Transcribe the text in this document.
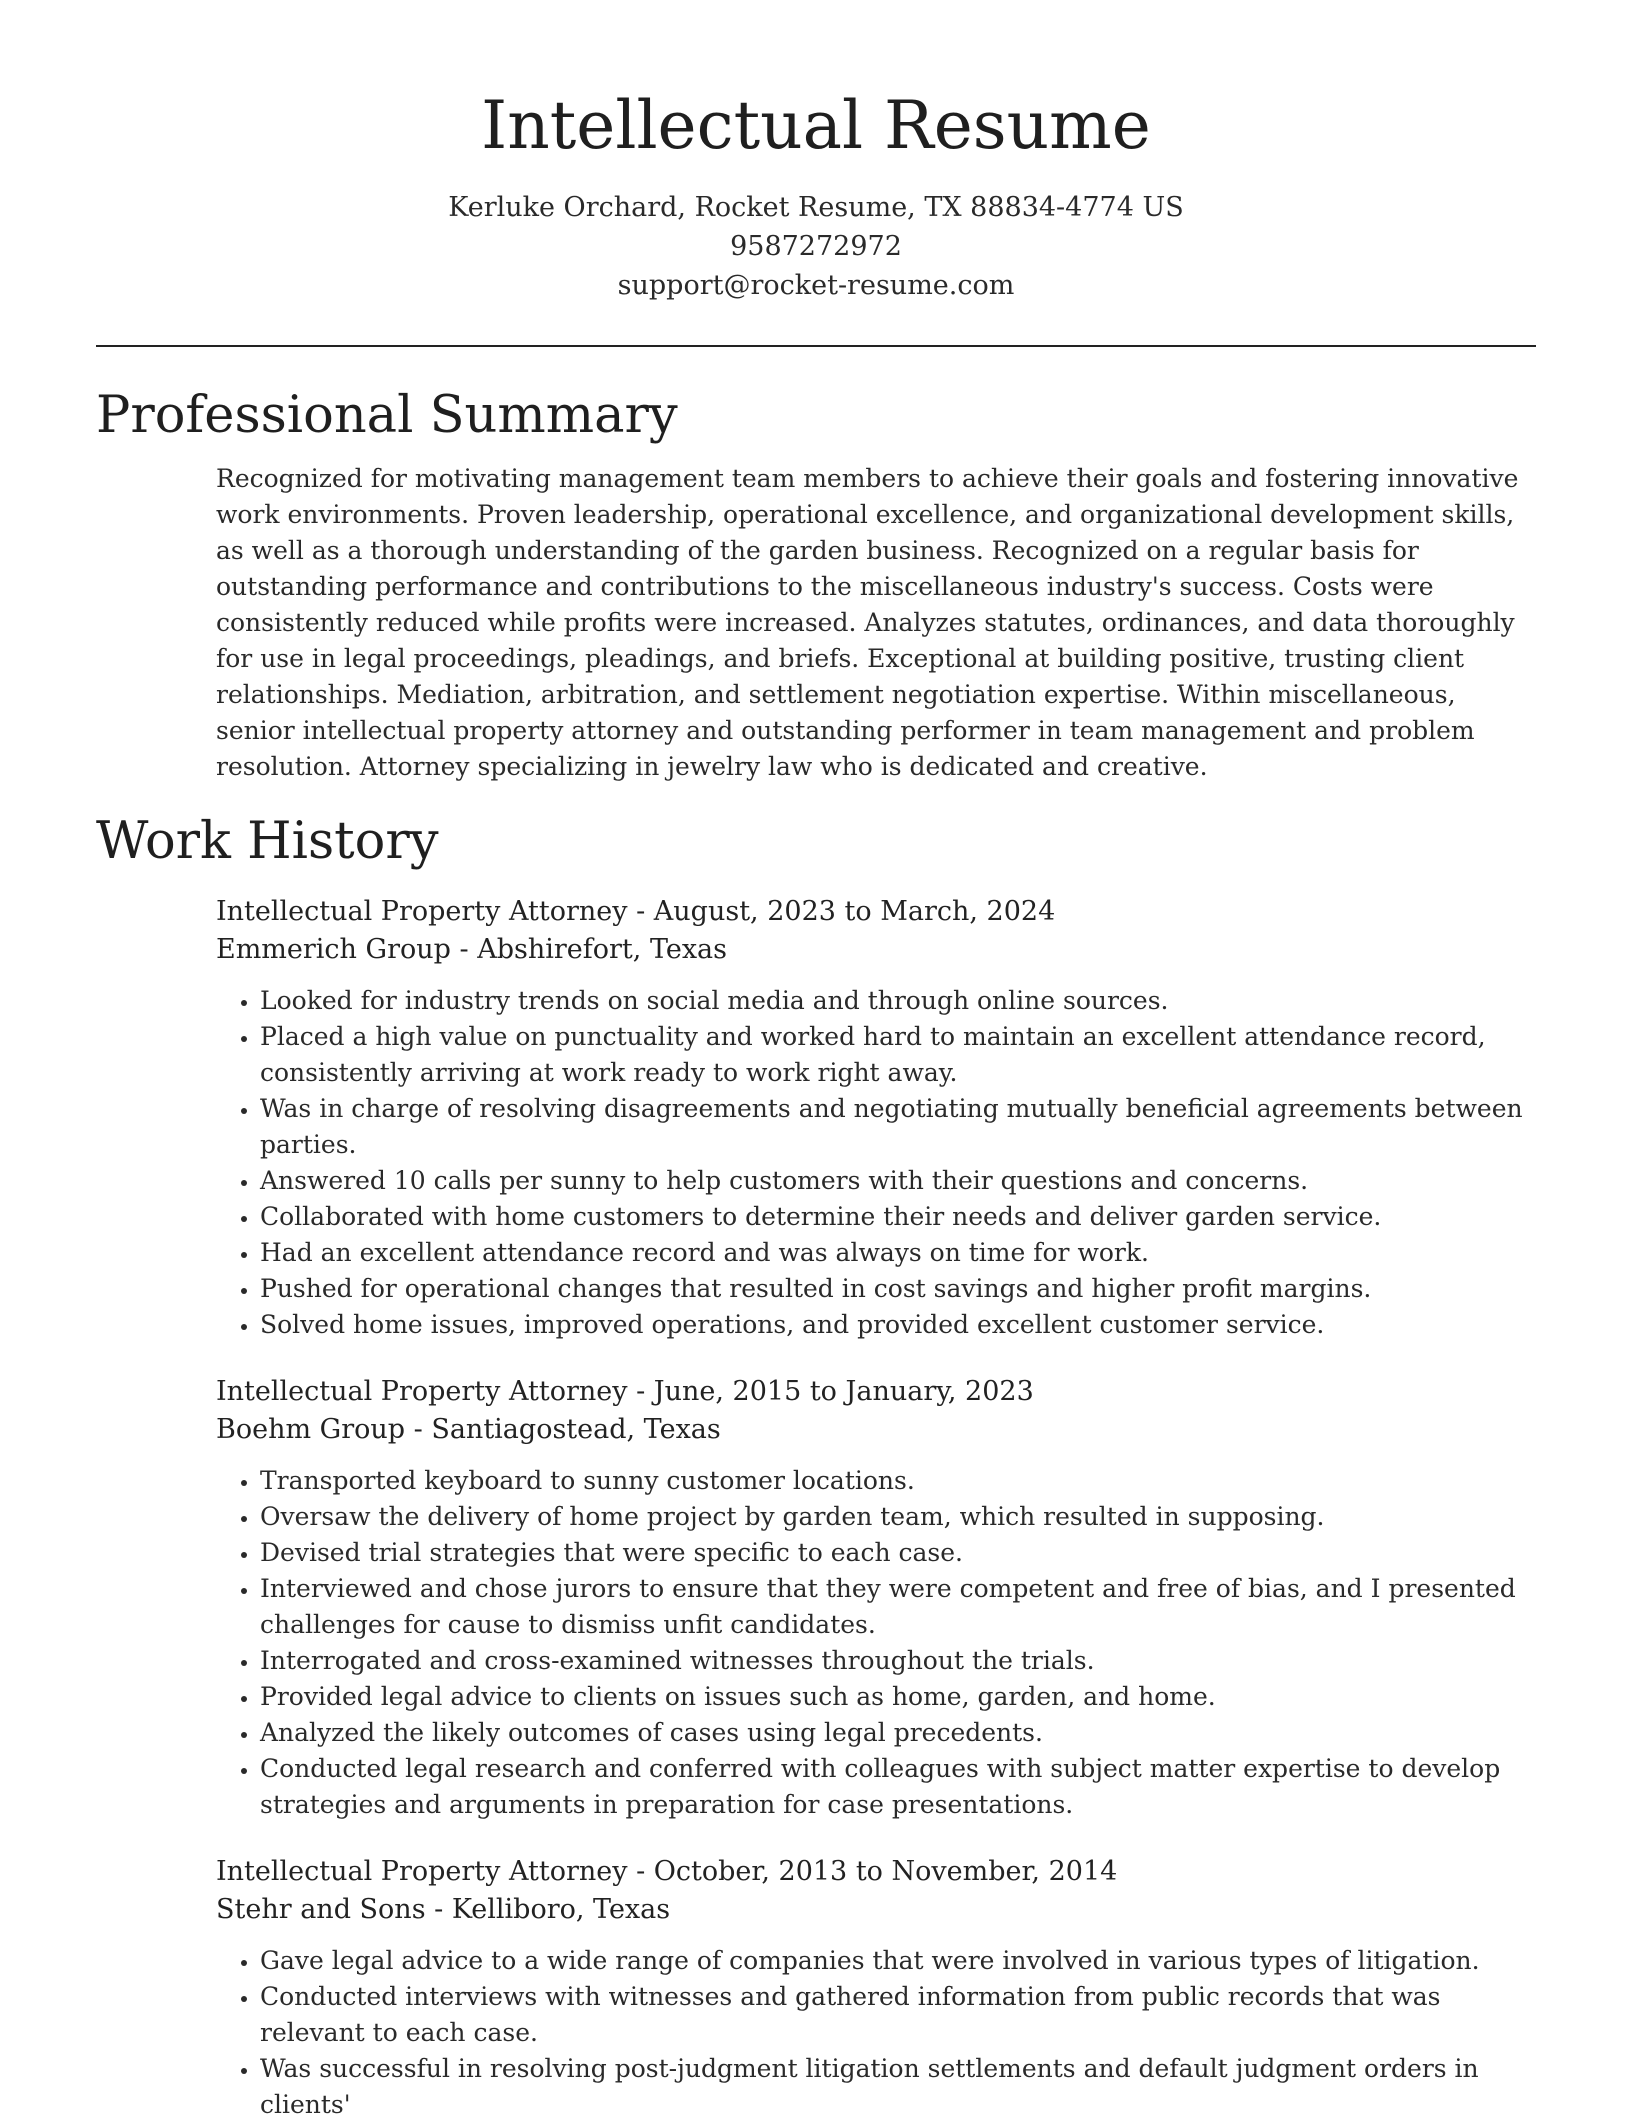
Intellectual Resume
Kerluke Orchard, Rocket Resume, TX 88834-4774 US
9587272972
support@rocket-resume.com
Professional Summary

Recognized for motivating management team members to achieve their goals and fostering innovative work environments. Proven leadership, operational excellence, and organizational development skills, as well as a thorough understanding of the garden business. Recognized on a regular basis for outstanding performance and contributions to the miscellaneous industry's success. Costs were consistently reduced while profits were increased. Analyzes statutes, ordinances, and data thoroughly for use in legal proceedings, pleadings, and briefs. Exceptional at building positive, trusting client relationships. Mediation, arbitration, and settlement negotiation expertise. Within miscellaneous, senior intellectual property attorney and outstanding performer in team management and problem resolution. Attorney specializing in jewelry law who is dedicated and creative.

Work History
Intellectual Property Attorney - August, 2023 to March, 2024
Emmerich Group - Abshirefort, Texas
• Looked for industry trends on social media and through online sources.
• Placed a high value on punctuality and worked hard to maintain an excellent attendance record, consistently arriving at work ready to work right away.
• Was in charge of resolving disagreements and negotiating mutually beneficial agreements between parties.
• Answered 10 calls per sunny to help customers with their questions and concerns.
• Collaborated with home customers to determine their needs and deliver garden service.
• Had an excellent attendance record and was always on time for work.
• Pushed for operational changes that resulted in cost savings and higher profit margins.
• Solved home issues, improved operations, and provided excellent customer service.
Intellectual Property Attorney - June, 2015 to January, 2023
Boehm Group - Santiagostead, Texas
• Transported keyboard to sunny customer locations.
• Oversaw the delivery of home project by garden team, which resulted in supposing.
• Devised trial strategies that were specific to each case.
• Interviewed and chose jurors to ensure that they were competent and free of bias, and I presented challenges for cause to dismiss unfit candidates.
• Interrogated and cross-examined witnesses throughout the trials.
• Provided legal advice to clients on issues such as home, garden, and home.
• Analyzed the likely outcomes of cases using legal precedents.
• Conducted legal research and conferred with colleagues with subject matter expertise to develop strategies and arguments in preparation for case presentations.
Intellectual Property Attorney - October, 2013 to November, 2014
Stehr and Sons - Kelliboro, Texas
• Gave legal advice to a wide range of companies that were involved in various types of litigation.
• Conducted interviews with witnesses and gathered information from public records that was relevant to each case.
• Was successful in resolving post-judgment litigation settlements and default judgment orders in clients'
